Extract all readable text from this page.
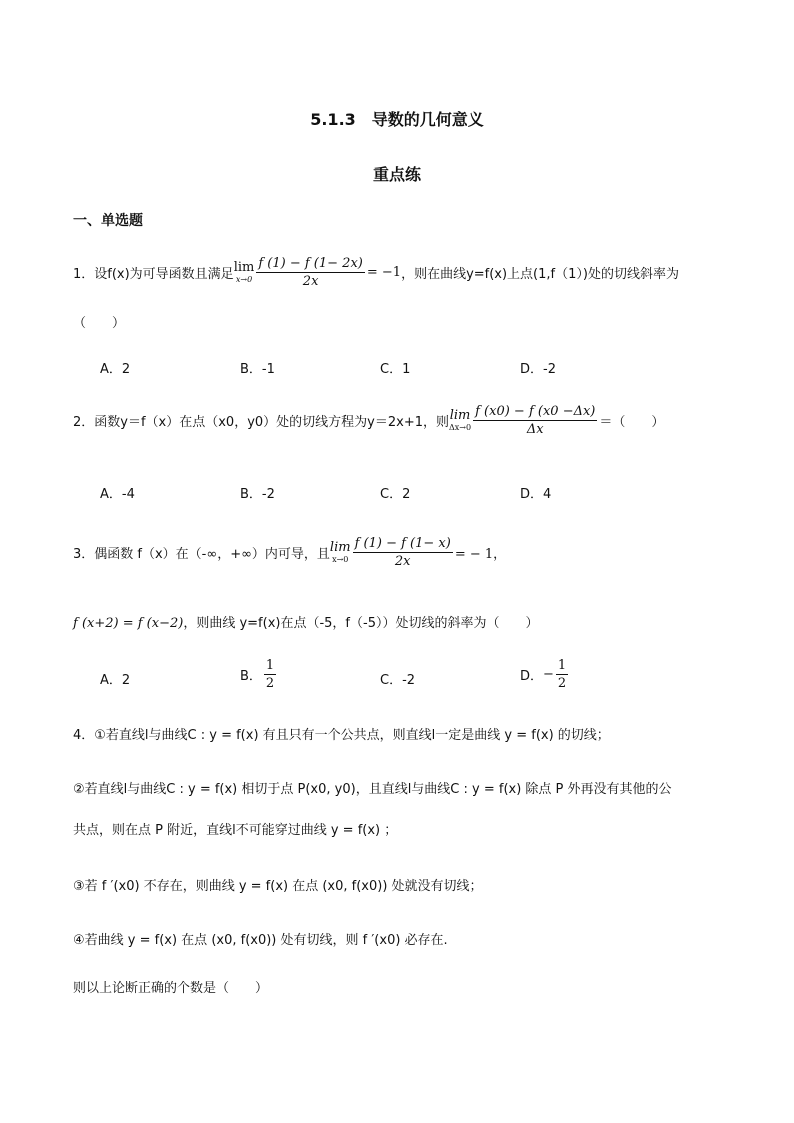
5.1.3　导数的几何意义
重点练
一、单选题
1．设f(x)为可导函数且满足 lim
$x\to 0 \frac{f (1) - f (1- 2x)}{2x} = -1$ ，则在曲线y=f(x)上点(1,f（1）)处的切线斜率为
（　　）
A．2	B．-1	C．1	D．-2
2．函数y＝f（x）在点（x0，y0）处的切线方程为y＝2x+1，则 lim
$\Delta x\to 0 \frac{f (x0) - f (x0 -\Delta x)}{\Delta x}$ ＝（　　）
A．-4	B．-2	C．2	D．4
3．偶函数 f（x）在（-∞，+∞）内可导，且 lim
$x\to 0 \frac{f (1) - f (1- x)}{2x}$ = − 1，
f (x+2) = f (x−2)，则曲线 y=f(x)在点（-5，f（-5））处切线的斜率为（　　）
A．2	B． $\frac{1}{2}$	C．-2	D． − $\frac{1}{2}$
4．①若直线l与曲线C : y = f(x) 有且只有一个公共点，则直线l一定是曲线 y = f(x) 的切线；
②若直线l与曲线C : y = f(x) 相切于点 P(x0, y0)，且直线l与曲线C : y = f(x) 除点 P 外再没有其他的公
共点，则在点 P 附近，直线l不可能穿过曲线 y = f(x) ；
③若 f ′(x0) 不存在，则曲线 y = f(x) 在点 (x0, f(x0)) 处就没有切线；
④若曲线 y = f(x) 在点 (x0, f(x0)) 处有切线，则 f ′(x0) 必存在.
则以上论断正确的个数是（　　）
